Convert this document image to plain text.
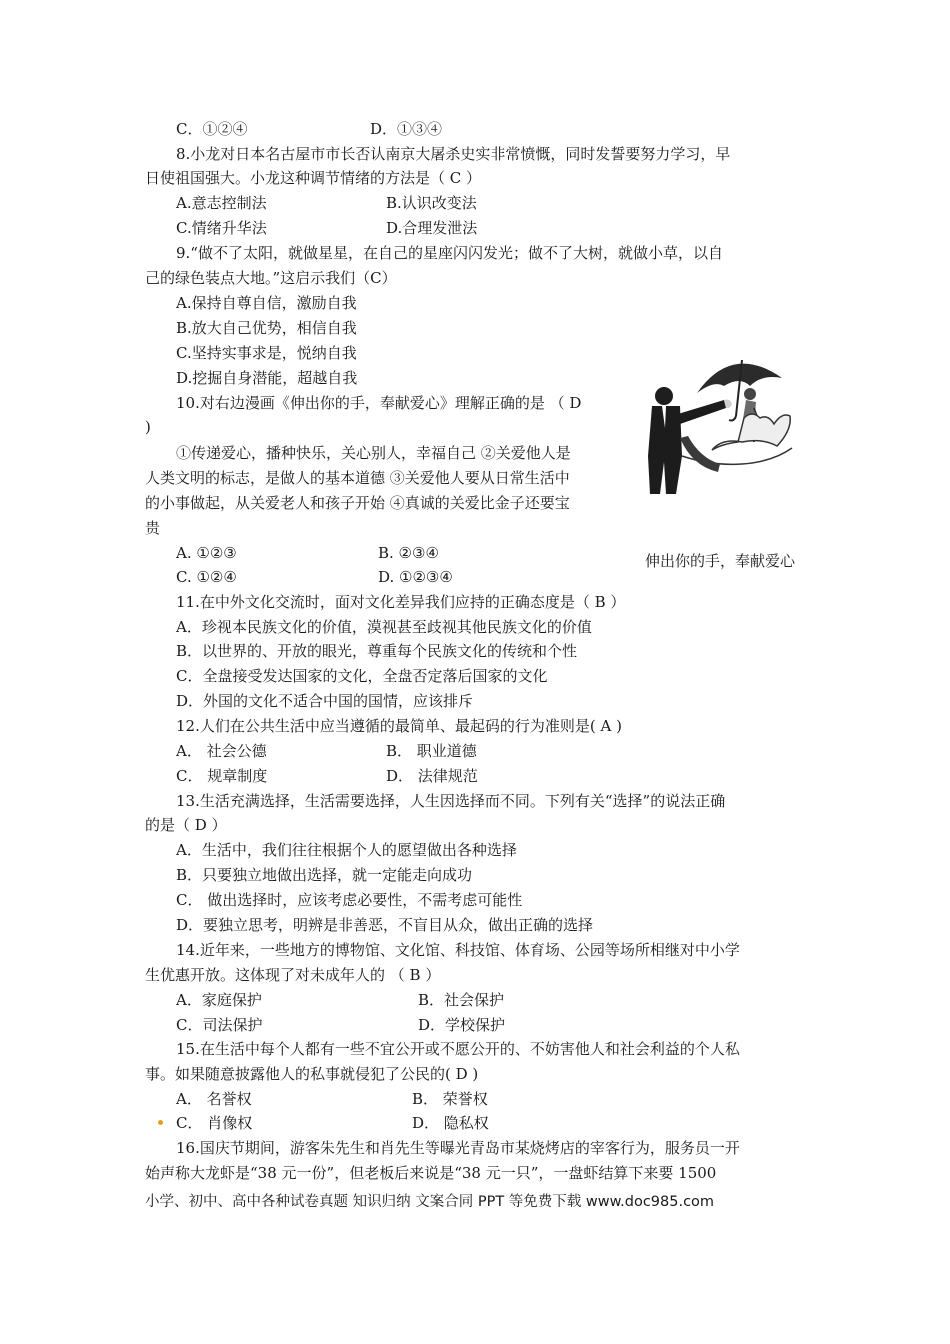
伸出你的手，奉献爱心
C．①②④	D．①③④
8.小龙对日本名古屋市市长否认南京大屠杀史实非常愤慨，同时发誓要努力学习，早
日使祖国强大。小龙这种调节情绪的方法是（ C ）
A.意志控制法	B.认识改变法
C.情绪升华法	D.合理发泄法
9.“做不了太阳，就做星星，在自己的星座闪闪发光；做不了大树，就做小草，以自
己的绿色装点大地。”这启示我们（C）
A.保持自尊自信，激励自我
B.放大自己优势，相信自我
C.坚持实事求是，悦纳自我
D.挖掘自身潜能，超越自我
10.对右边漫画《伸出你的手，奉献爱心》理解正确的是 （ D
)
①传递爱心，播种快乐，关心别人，幸福自己 ②关爱他人是
人类文明的标志，是做人的基本道德 ③关爱他人要从日常生活中
的小事做起，从关爱老人和孩子开始 ④真诚的关爱比金子还要宝
贵
A. ①②③	B. ②③④
C. ①②④	D. ①②③④
11.在中外文化交流时，面对文化差异我们应持的正确态度是（ B ）
A．珍视本民族文化的价值，漠视甚至歧视其他民族文化的价值
B．以世界的、开放的眼光，尊重每个民族文化的传统和个性
C．全盘接受发达国家的文化，全盘否定落后国家的文化
D．外国的文化不适合中国的国情，应该排斥
12.人们在公共生活中应当遵循的最简单、最起码的行为准则是( A )
A． 社会公德	B． 职业道德
C． 规章制度	D． 法律规范
13.生活充满选择，生活需要选择，人生因选择而不同。下列有关“选择”的说法正确
的是（ D ）
A．生活中，我们往往根据个人的愿望做出各种选择
B．只要独立地做出选择，就一定能走向成功
C． 做出选择时，应该考虑必要性，不需考虑可能性
D．要独立思考，明辨是非善恶，不盲目从众，做出正确的选择
14.近年来，一些地方的博物馆、文化馆、科技馆、体育场、公园等场所相继对中小学
生优惠开放。这体现了对未成年人的 （ B ）
A．家庭保护	B．社会保护
C．司法保护	D．学校保护
15.在生活中每个人都有一些不宜公开或不愿公开的、不妨害他人和社会利益的个人私
事。如果随意披露他人的私事就侵犯了公民的( D )
A． 名誉权	B． 荣誉权
C． 肖像权	D． 隐私权
16.国庆节期间，游客朱先生和肖先生等曝光青岛市某烧烤店的宰客行为，服务员一开
始声称大龙虾是“38 元一份”，但老板后来说是“38 元一只”，一盘虾结算下来要 1500
小学、初中、高中各种试卷真题 知识归纳 文案合同 PPT 等免费下载 www.doc985.com
